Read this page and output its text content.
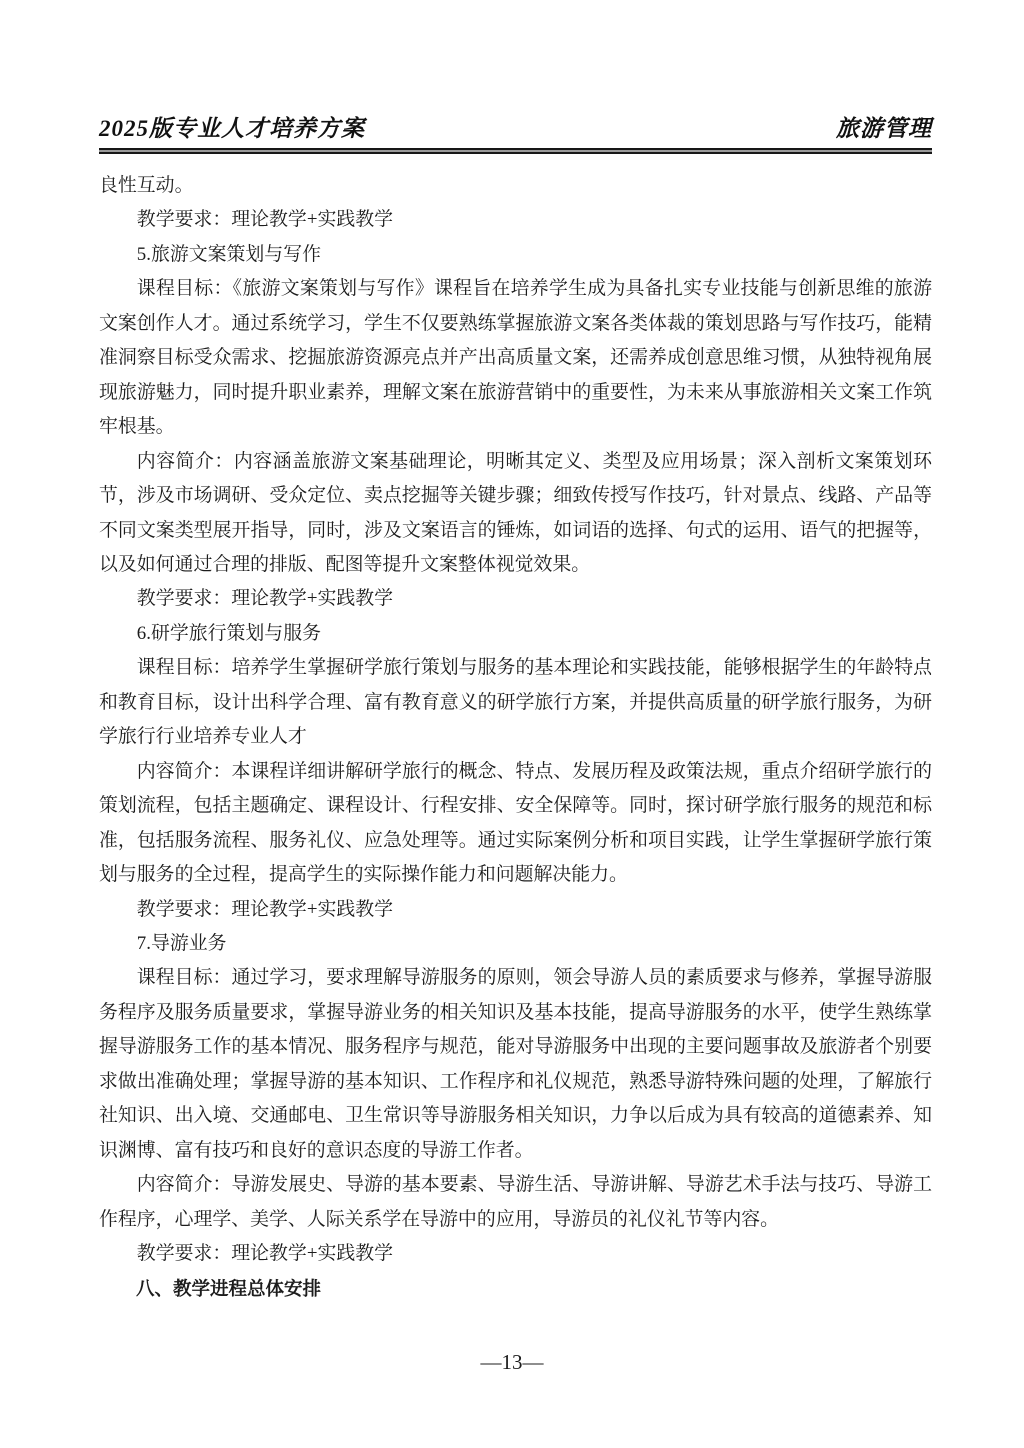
2025版专业人才培养方案	旅游管理
良性互动。
教学要求：理论教学+实践教学
5.旅游文案策划与写作
课程目标：《旅游文案策划与写作》课程旨在培养学生成为具备扎实专业技能与创新思维的旅游文案创作人才。通过系统学习，学生不仅要熟练掌握旅游文案各类体裁的策划思路与写作技巧，能精准洞察目标受众需求、挖掘旅游资源亮点并产出高质量文案，还需养成创意思维习惯，从独特视角展现旅游魅力，同时提升职业素养，理解文案在旅游营销中的重要性，为未来从事旅游相关文案工作筑牢根基。
内容简介：内容涵盖旅游文案基础理论，明晰其定义、类型及应用场景；深入剖析文案策划环节，涉及市场调研、受众定位、卖点挖掘等关键步骤；细致传授写作技巧，针对景点、线路、产品等不同文案类型展开指导，同时，涉及文案语言的锤炼，如词语的选择、句式的运用、语气的把握等，以及如何通过合理的排版、配图等提升文案整体视觉效果。
教学要求：理论教学+实践教学
6.研学旅行策划与服务
课程目标：培养学生掌握研学旅行策划与服务的基本理论和实践技能，能够根据学生的年龄特点和教育目标，设计出科学合理、富有教育意义的研学旅行方案，并提供高质量的研学旅行服务，为研学旅行行业培养专业人才
内容简介：本课程详细讲解研学旅行的概念、特点、发展历程及政策法规，重点介绍研学旅行的策划流程，包括主题确定、课程设计、行程安排、安全保障等。同时，探讨研学旅行服务的规范和标准，包括服务流程、服务礼仪、应急处理等。通过实际案例分析和项目实践，让学生掌握研学旅行策划与服务的全过程，提高学生的实际操作能力和问题解决能力。
教学要求：理论教学+实践教学
7.导游业务
课程目标：通过学习，要求理解导游服务的原则，领会导游人员的素质要求与修养，掌握导游服务程序及服务质量要求，掌握导游业务的相关知识及基本技能，提高导游服务的水平，使学生熟练掌握导游服务工作的基本情况、服务程序与规范，能对导游服务中出现的主要问题事故及旅游者个别要求做出准确处理；掌握导游的基本知识、工作程序和礼仪规范，熟悉导游特殊问题的处理，了解旅行社知识、出入境、交通邮电、卫生常识等导游服务相关知识，力争以后成为具有较高的道德素养、知识渊博、富有技巧和良好的意识态度的导游工作者。
内容简介：导游发展史、导游的基本要素、导游生活、导游讲解、导游艺术手法与技巧、导游工作程序，心理学、美学、人际关系学在导游中的应用，导游员的礼仪礼节等内容。
教学要求：理论教学+实践教学
八、教学进程总体安排
—13—
